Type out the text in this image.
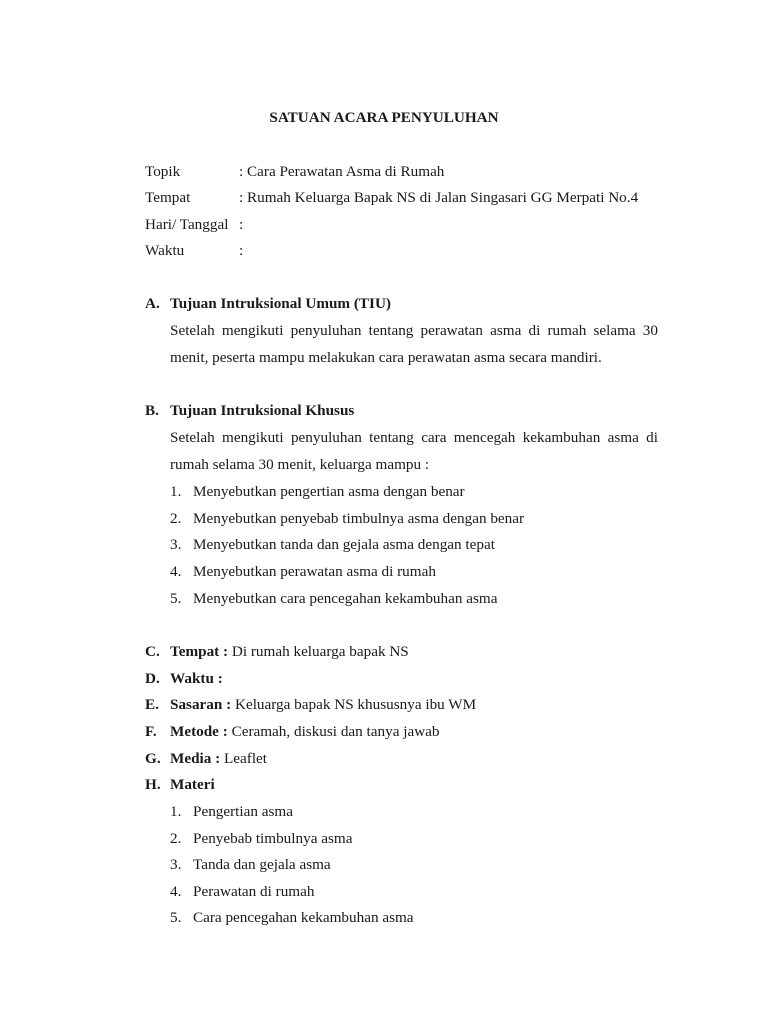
SATUAN ACARA PENYULUHAN
Topik	: Cara Perawatan Asma di Rumah
Tempat	: Rumah Keluarga Bapak NS di Jalan Singasari GG Merpati No.4
Hari/ Tanggal :
Waktu	:
A. Tujuan Intruksional Umum (TIU)
Setelah mengikuti penyuluhan tentang perawatan asma di rumah selama 30
menit, peserta mampu melakukan cara perawatan asma secara mandiri.
B. Tujuan Intruksional Khusus
Setelah mengikuti penyuluhan tentang cara mencegah kekambuhan asma di
rumah selama 30 menit, keluarga mampu :
1. Menyebutkan pengertian asma dengan benar
2. Menyebutkan penyebab timbulnya asma dengan benar
3. Menyebutkan tanda dan gejala asma dengan tepat
4. Menyebutkan perawatan asma di rumah
5. Menyebutkan cara pencegahan kekambuhan asma
C. Tempat : Di rumah keluarga bapak NS
D. Waktu :
E. Sasaran : Keluarga bapak NS khususnya ibu WM
F. Metode : Ceramah, diskusi dan tanya jawab
G. Media : Leaflet
H. Materi
1. Pengertian asma
2. Penyebab timbulnya asma
3. Tanda dan gejala asma
4. Perawatan di rumah
5. Cara pencegahan kekambuhan asma
